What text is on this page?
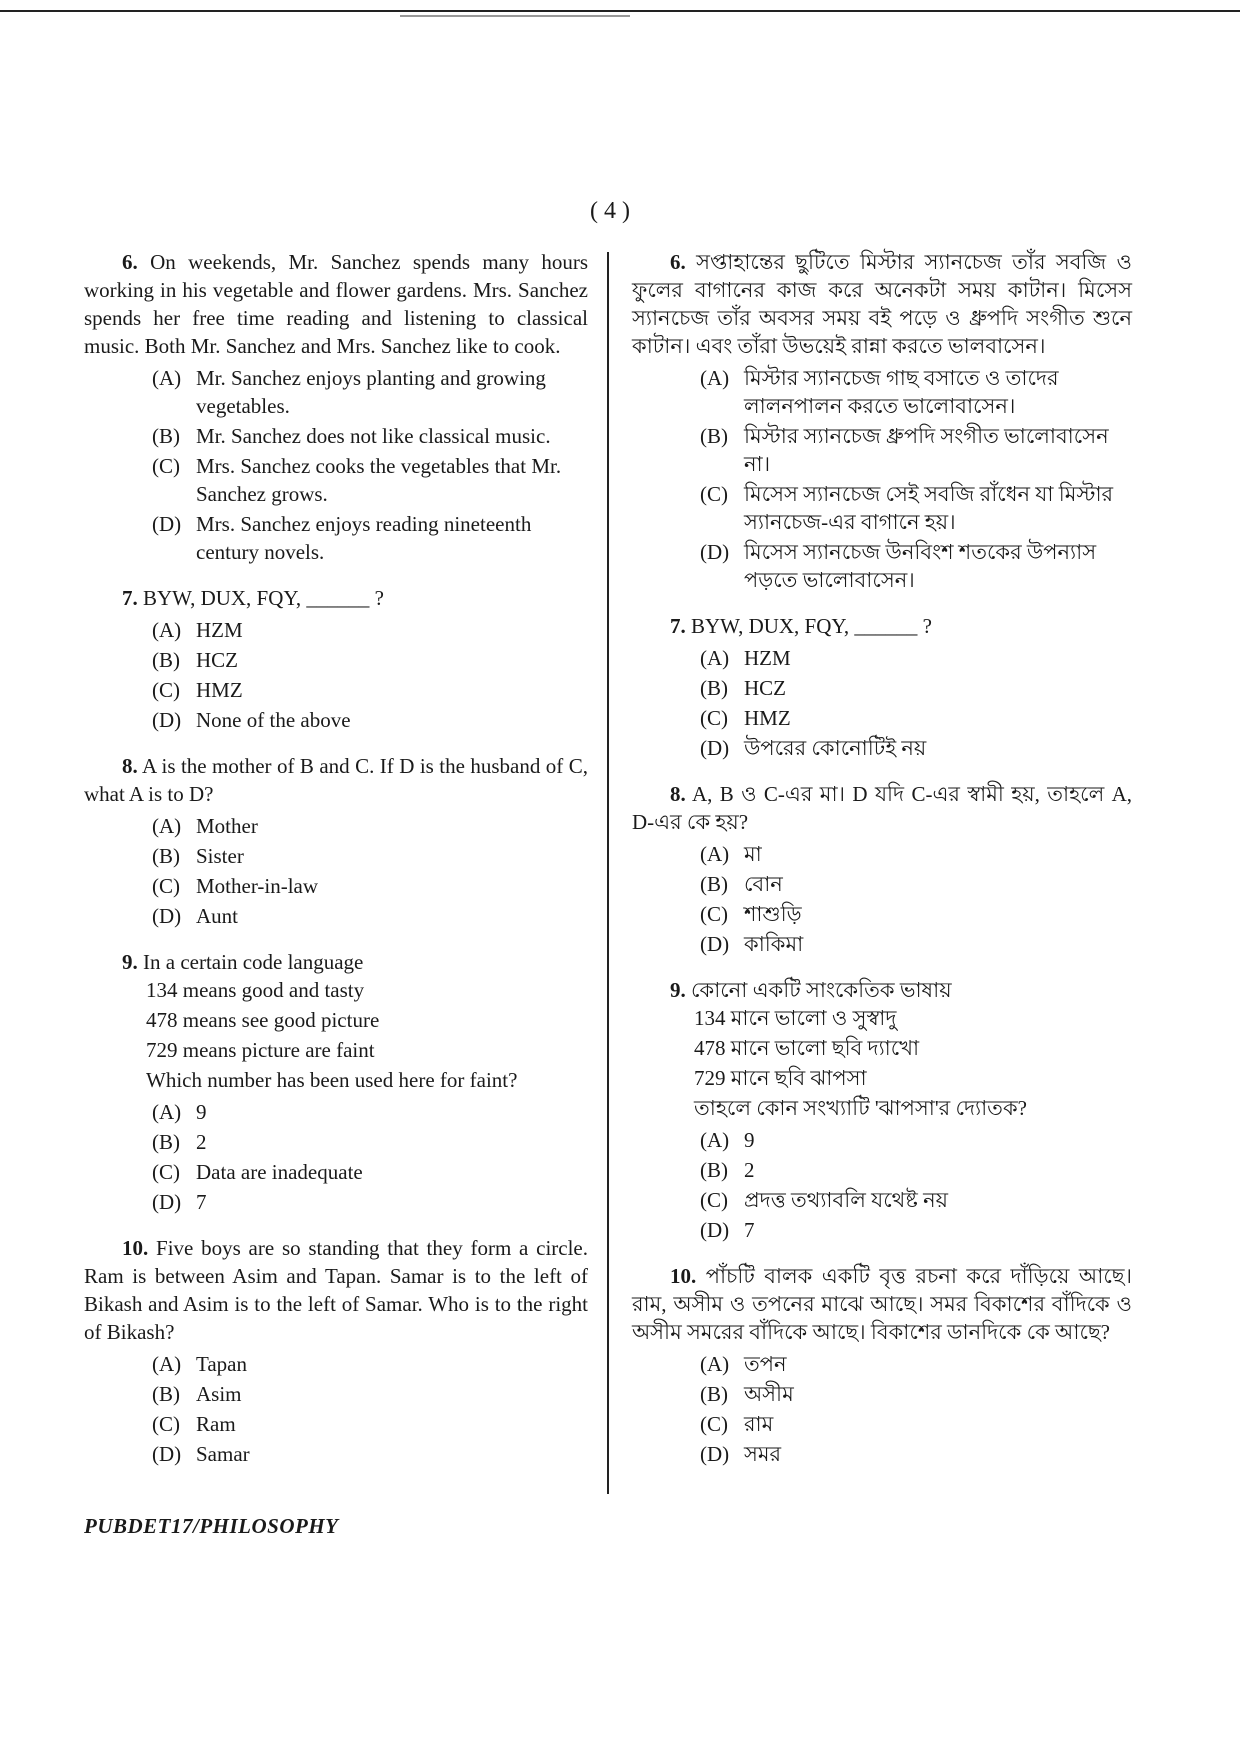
( 4 )
6. On weekends, Mr. Sanchez spends many hours working in his vegetable and flower gardens. Mrs. Sanchez spends her free time reading and listening to classical music. Both Mr. Sanchez and Mrs. Sanchez like to cook.
(A) Mr. Sanchez enjoys planting and growing vegetables.
(B) Mr. Sanchez does not like classical music.
(C) Mrs. Sanchez cooks the vegetables that Mr. Sanchez grows.
(D) Mrs. Sanchez enjoys reading nineteenth century novels.
7. BYW, DUX, FQY, ______ ?
(A) HZM
(B) HCZ
(C) HMZ
(D) None of the above
8. A is the mother of B and C. If D is the husband of C, what A is to D?
(A) Mother
(B) Sister
(C) Mother-in-law
(D) Aunt
9. In a certain code language
134 means good and tasty
478 means see good picture
729 means picture are faint
Which number has been used here for faint?
(A) 9
(B) 2
(C) Data are inadequate
(D) 7
10. Five boys are so standing that they form a circle. Ram is between Asim and Tapan. Samar is to the left of Bikash and Asim is to the left of Samar. Who is to the right of Bikash?
(A) Tapan
(B) Asim
(C) Ram
(D) Samar
6. সপ্তাহান্তের ছুটিতে মিস্টার স্যানচেজ তাঁর সবজি ও ফুলের বাগানের কাজ করে অনেকটা সময় কাটান। মিসেস স্যানচেজ তাঁর অবসর সময় বই পড়ে ও ধ্রুপদি সংগীত শুনে কাটান। এবং তাঁরা উভয়েই রান্না করতে ভালবাসেন।
(A) মিস্টার স্যানচেজ গাছ বসাতে ও তাদের লালনপালন করতে ভালোবাসেন।
(B) মিস্টার স্যানচেজ ধ্রুপদি সংগীত ভালোবাসেন না।
(C) মিসেস স্যানচেজ সেই সবজি রাঁধেন যা মিস্টার স্যানচেজ-এর বাগানে হয়।
(D) মিসেস স্যানচেজ উনবিংশ শতকের উপন্যাস পড়তে ভালোবাসেন।
7. BYW, DUX, FQY, ______ ?
(A) HZM
(B) HCZ
(C) HMZ
(D) উপরের কোনোটিই নয়
8. A, B ও C-এর মা। D যদি C-এর স্বামী হয়, তাহলে A, D-এর কে হয়?
(A) মা
(B) বোন
(C) শাশুড়ি
(D) কাকিমা
9. কোনো একটি সাংকেতিক ভাষায়
134 মানে ভালো ও সুস্বাদু
478 মানে ভালো ছবি দ্যাখো
729 মানে ছবি ঝাপসা
তাহলে কোন সংখ্যাটি 'ঝাপসা'র দ্যোতক?
(A) 9
(B) 2
(C) প্রদত্ত তথ্যাবলি যথেষ্ট নয়
(D) 7
10. পাঁচটি বালক একটি বৃত্ত রচনা করে দাঁড়িয়ে আছে। রাম, অসীম ও তপনের মাঝে আছে। সমর বিকাশের বাঁদিকে ও অসীম সমরের বাঁদিকে আছে। বিকাশের ডানদিকে কে আছে?
(A) তপন
(B) অসীম
(C) রাম
(D) সমর
PUBDET17/PHILOSOPHY
